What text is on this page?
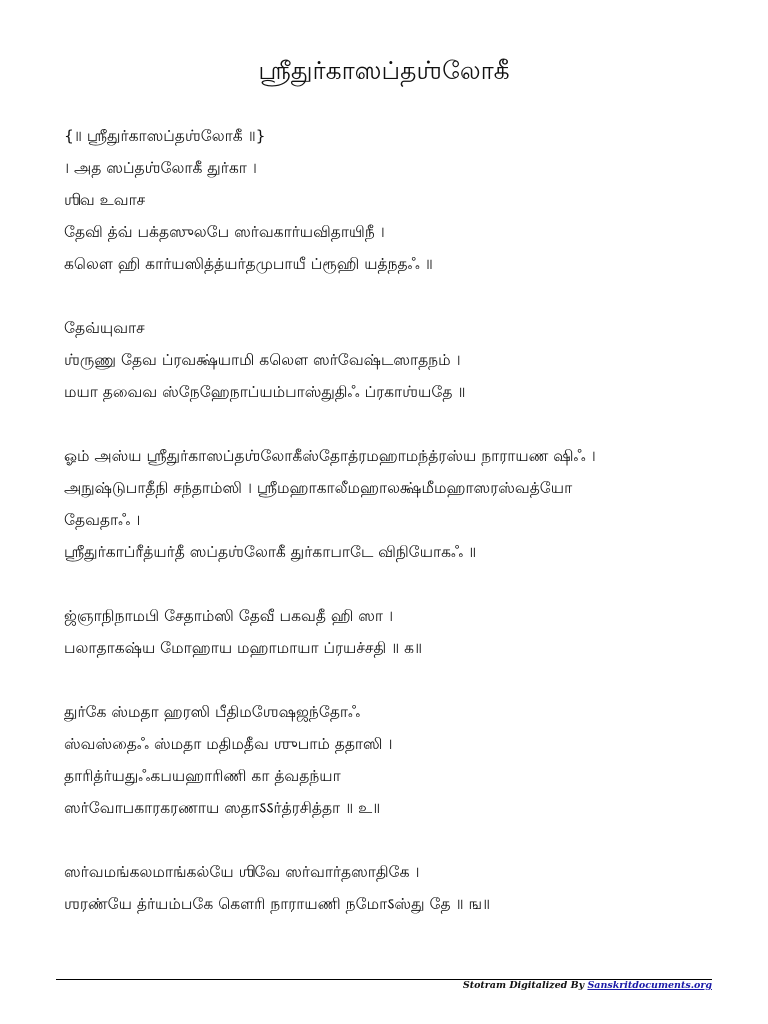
ஶ்ரீதுர்காஸப்தஶ்லோகீ
{॥ ஶ்ரீதுர்காஸப்தஶ்லோகீ ॥}
। அத ஸப்தஶ்லோகீ துர்கா ।
ஶிவ உவாச
தேவி த்வ் பக்தஸுலபே ஸர்வகார்யவிதாயிநீ ।
கலௌ ஹி கார்யஸித்த்யர்தமுபாயீ ப்ரூஹி யத்நதஃ ॥
தேவ்யுவாச
ஶ்ருணு தேவ ப்ரவக்ஷ்யாமி கலௌ ஸர்வேஷ்டஸாதநம் ।
மயா தவைவ ஸ்நேஹேநாப்யம்பாஸ்துதிஃ ப்ரகாஶ்யதே ॥
ஓம் அஸ்ய ஶ்ரீதுர்காஸப்தஶ்லோகீஸ்தோத்ரமஹாமந்த்ரஸ்ய நாராயண ஷிஃ ।
அநுஷ்டுபாதீநி சந்தாம்ஸி । ஶ்ரீமஹாகாலீமஹாலக்ஷ்மீமஹாஸரஸ்வத்யோ
தேவதாஃ ।
ஶ்ரீதுர்காப்ரீத்யர்தீ ஸப்தஶ்லோகீ துர்காபாடே விநியோகஃ ॥
ஜ்ஞாநிநாமபி சேதாம்ஸி தேவீ பகவதீ ஹி ஸா ।
பலாதாகஷ்ய மோஹாய மஹாமாயா ப்ரயச்சதி ॥ க॥
துர்கே ஸ்மதா ஹரஸி பீதிமஶேஷஜந்தோஃ
ஸ்வஸ்தைஃ ஸ்மதா மதிமதீவ ஶுபாம் ததாஸி ।
தாரித்ர்யதுஃகபயஹாரிணி கா த்வதந்யா
ஸர்வோபகாரகரணாய ஸதாऽऽர்த்ரசித்தா ॥ உ॥
ஸர்வமங்கலமாங்கல்யே ஶிவே ஸர்வார்தஸாதிகே ।
ஶரண்யே த்ர்யம்பகே கௌரி நாராயணி நமோऽஸ்து தே ॥ ங॥
Stotram Digitalized By Sanskritdocuments.org
